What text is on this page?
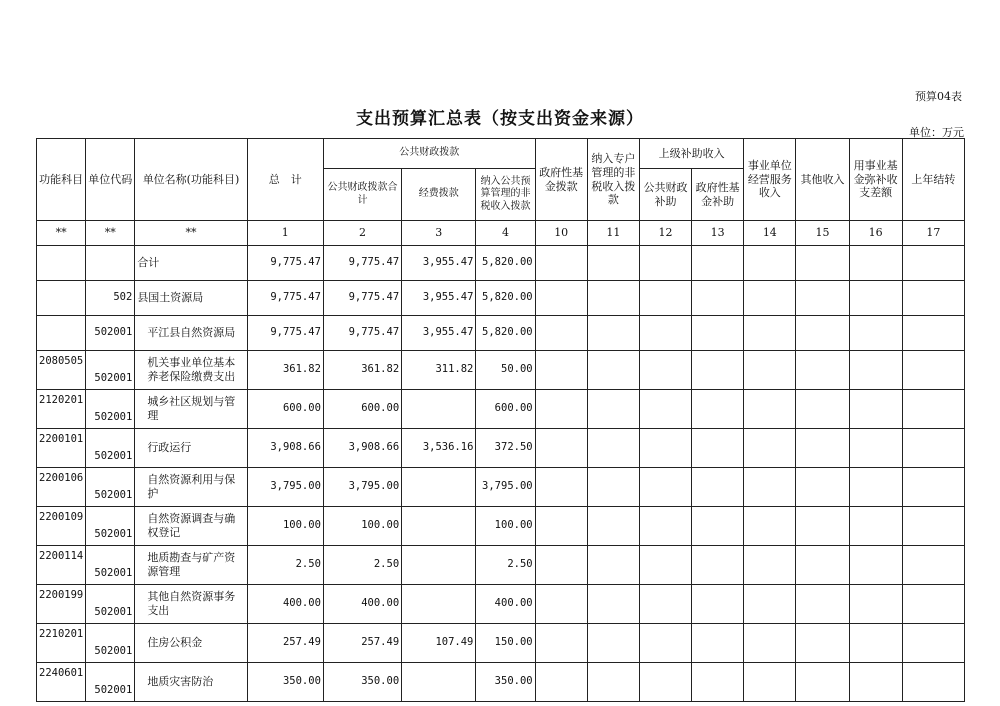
预算04表
支出预算汇总表（按支出资金来源）
单位：万元
功能科目	单位代码	单位名称(功能科目)	总　计	公共财政拨款			政府性基金拨款	纳入专户管理的非税收入拨款	上级补助收入		事业单位经营服务收入	其他收入	用事业基金弥补收支差额	上年结转
				公共财政拨款合计	经费拨款	纳入公共预算管理的非税收入拨款			公共财政补助	政府性基金补助				
**	**	**	1	2	3	4	10	11	12	13	14	15	16	17
		合计	9,775.47	9,775.47	3,955.47	5,820.00								
	502	县国土资源局	9,775.47	9,775.47	3,955.47	5,820.00								
	502001	平江县自然资源局	9,775.47	9,775.47	3,955.47	5,820.00								
2080505	502001	机关事业单位基本养老保险缴费支出	361.82	361.82	311.82	50.00								
2120201	502001	城乡社区规划与管理	600.00	600.00		600.00								
2200101	502001	行政运行	3,908.66	3,908.66	3,536.16	372.50								
2200106	502001	自然资源利用与保护	3,795.00	3,795.00		3,795.00								
2200109	502001	自然资源调查与确权登记	100.00	100.00		100.00								
2200114	502001	地质勘查与矿产资源管理	2.50	2.50		2.50								
2200199	502001	其他自然资源事务支出	400.00	400.00		400.00								
2210201	502001	住房公积金	257.49	257.49	107.49	150.00								
2240601	502001	地质灾害防治	350.00	350.00		350.00								
